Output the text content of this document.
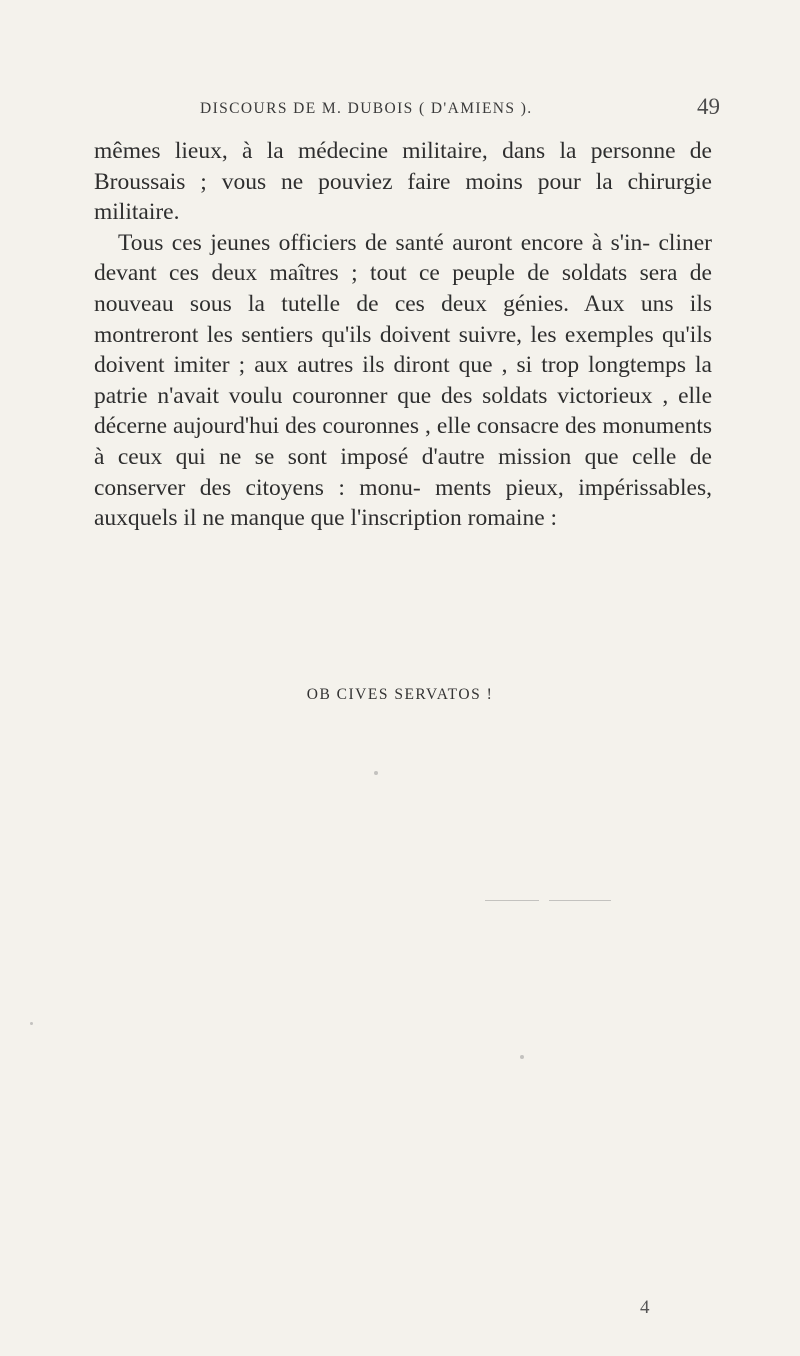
DISCOURS DE M. DUBOIS ( D'AMIENS ).	49

mêmes lieux, à la médecine militaire, dans la personne de Broussais ; vous ne pouviez faire moins pour la chirurgie militaire.

Tous ces jeunes officiers de santé auront encore à s'in- cliner devant ces deux maîtres ; tout ce peuple de soldats sera de nouveau sous la tutelle de ces deux génies. Aux uns ils montreront les sentiers qu'ils doivent suivre, les exemples qu'ils doivent imiter ; aux autres ils diront que , si trop longtemps la patrie n'avait voulu couronner que des soldats victorieux , elle décerne aujourd'hui des couronnes , elle consacre des monuments à ceux qui ne se sont imposé d'autre mission que celle de conserver des citoyens : monu- ments pieux, impérissables, auxquels il ne manque que l'inscription romaine :

OB CIVES SERVATOS !
4
